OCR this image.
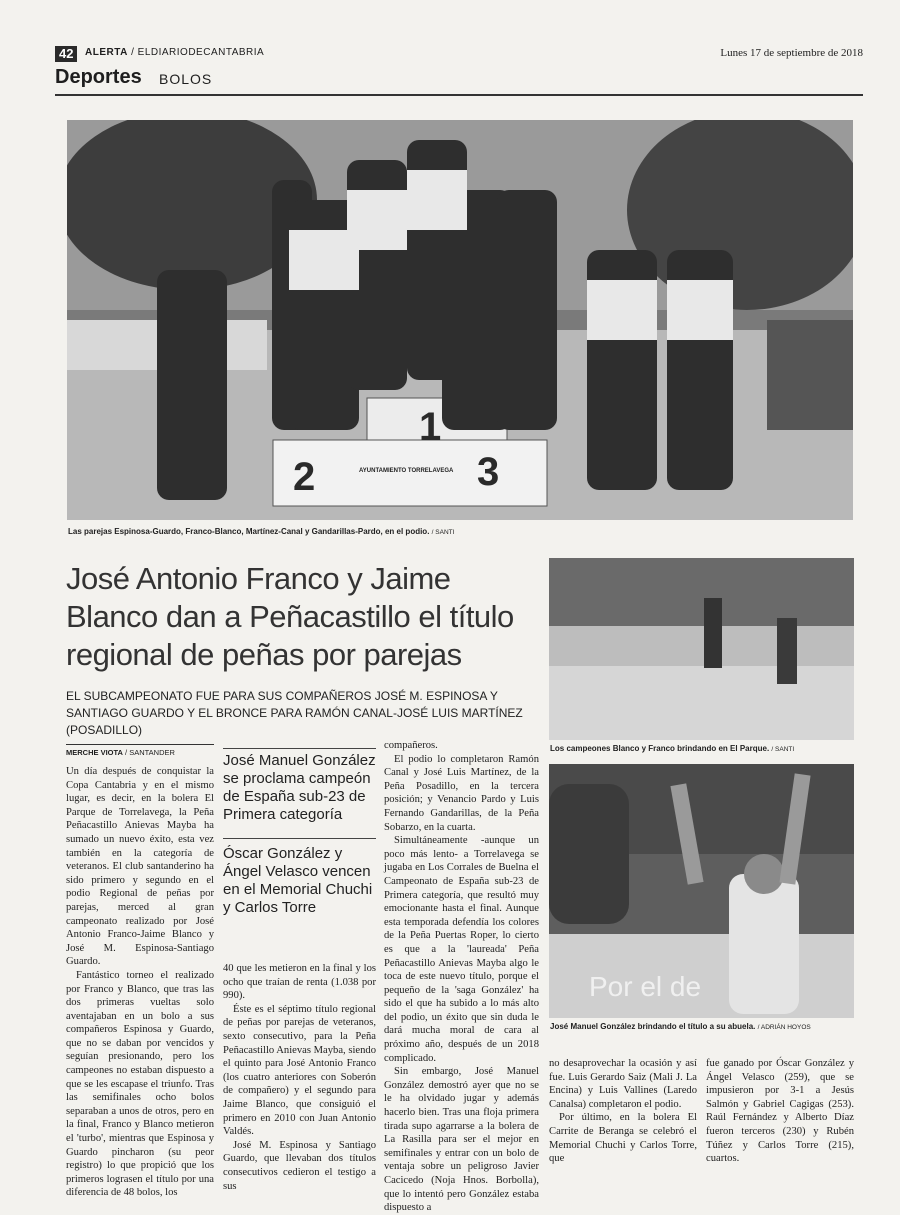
42	ALERTA / ELDIARIODECANTABRIA	Lunes 17 de septiembre de 2018
Deportes BOLOS
1
2	3
AYUNTAMIENTO TORRELAVEGA
Las parejas Espinosa-Guardo, Franco-Blanco, Martínez-Canal y Gandarillas-Pardo, en el podio. / SANTI
José Antonio Franco y Jaime Blanco dan a Peñacastillo el título regional de peñas por parejas
EL SUBCAMPEONATO FUE PARA SUS COMPAÑEROS JOSÉ M. ESPINOSA Y SANTIAGO GUARDO Y EL BRONCE PARA RAMÓN CANAL-JOSÉ LUIS MARTÍNEZ (POSADILLO)
Los campeones Blanco y Franco brindando en El Parque. / SANTI
Por el de
José Manuel González brindando el título a su abuela. / ADRIÁN HOYOS
MERCHE VIOTA / SANTANDER

Un día después de conquistar la Copa Cantabria y en el mismo lugar, es decir, en la bolera El Parque de Torrelavega, la Peña Peñacastillo Anievas Mayba ha sumado un nuevo éxito, esta vez también en la categoría de veteranos. El club santanderino ha sido primero y segundo en el podio Regional de peñas por parejas, merced al gran campeonato realizado por José Antonio Franco-Jaime Blanco y José M. Espinosa-Santiago Guardo.

Fantástico torneo el realizado por Franco y Blanco, que tras las dos primeras vueltas solo aventajaban en un bolo a sus compañeros Espinosa y Guardo, que no se daban por vencidos y seguían presionando, pero los campeones no estaban dispuesto a que se les escapase el triunfo. Tras las semifinales ocho bolos separaban a unos de otros, pero en la final, Franco y Blanco metieron el 'turbo', mientras que Espinosa y Guardo pincharon (su peor registro) lo que propició que los primeros lograsen el título por una diferencia de 48 bolos, los

José Manuel González se proclama campeón de España sub-23 de Primera categoría
Óscar González y Ángel Velasco vencen en el Memorial Chuchi y Carlos Torre

40 que les metieron en la final y los ocho que traían de renta (1.038 por 990).

Éste es el séptimo título regional de peñas por parejas de veteranos, sexto consecutivo, para la Peña Peñacastillo Anievas Mayba, siendo el quinto para José Antonio Franco (los cuatro anteriores con Soberón de compañero) y el segundo para Jaime Blanco, que consiguió el primero en 2010 con Juan Antonio Valdés.

José M. Espinosa y Santiago Guardo, que llevaban dos títulos consecutivos cedieron el testigo a sus

compañeros.

El podio lo completaron Ramón Canal y José Luis Martínez, de la Peña Posadillo, en la tercera posición; y Venancio Pardo y Luis Fernando Gandarillas, de la Peña Sobarzo, en la cuarta.

Simultáneamente -aunque un poco más lento- a Torrelavega se jugaba en Los Corrales de Buelna el Campeonato de España sub-23 de Primera categoría, que resultó muy emocionante hasta el final. Aunque esta temporada defendía los colores de la Peña Puertas Roper, lo cierto es que a la 'laureada' Peña Peñacastillo Anievas Mayba algo le toca de este nuevo título, porque el pequeño de la 'saga González' ha sido el que ha subido a lo más alto del podio, un éxito que sin duda le dará mucha moral de cara al próximo año, después de un 2018 complicado.

Sin embargo, José Manuel González demostró ayer que no se le ha olvidado jugar y además hacerlo bien. Tras una floja primera tirada supo agarrarse a la bolera de La Rasilla para ser el mejor en semifinales y entrar con un bolo de ventaja sobre un peligroso Javier Cacicedo (Noja Hnos. Borbolla), que lo intentó pero González estaba dispuesto a

no desaprovechar la ocasión y así fue. Luis Gerardo Saiz (Mali J. La Encina) y Luis Vallines (Laredo Canalsa) completaron el podio.

Por último, en la bolera El Carrite de Beranga se celebró el Memorial Chuchi y Carlos Torre, que

fue ganado por Óscar González y Ángel Velasco (259), que se impusieron por 3-1 a Jesús Salmón y Gabriel Cagigas (253). Raúl Fernández y Alberto Díaz fueron terceros (230) y Rubén Túñez y Carlos Torre (215), cuartos.
